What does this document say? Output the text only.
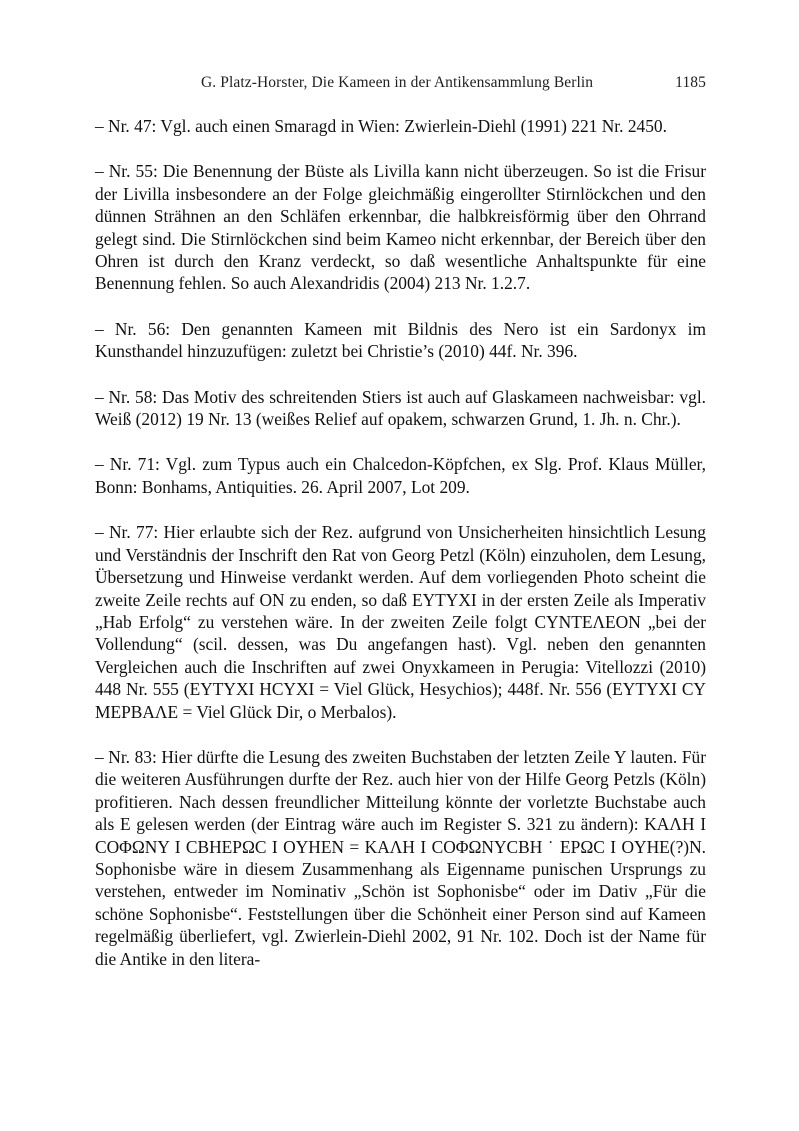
G. Platz-Horster, Die Kameen in der Antikensammlung Berlin	1185

– Nr. 47: Vgl. auch einen Smaragd in Wien: Zwierlein-Diehl (1991) 221 Nr. 2450.

– Nr. 55: Die Benennung der Büste als Livilla kann nicht überzeugen. So ist die Frisur der Livilla insbesondere an der Folge gleichmäßig eingerollter Stirnlöckchen und den dünnen Strähnen an den Schläfen erkennbar, die halbkreisförmig über den Ohrrand gelegt sind. Die Stirnlöckchen sind beim Kameo nicht erkennbar, der Bereich über den Ohren ist durch den Kranz verdeckt, so daß wesentliche Anhaltspunkte für eine Benennung fehlen. So auch Alexandridis (2004) 213 Nr. 1.2.7.

– Nr. 56: Den genannten Kameen mit Bildnis des Nero ist ein Sardonyx im Kunsthandel hinzuzufügen: zuletzt bei Christie’s (2010) 44f. Nr. 396.

– Nr. 58: Das Motiv des schreitenden Stiers ist auch auf Glaskameen nachweisbar: vgl. Weiß (2012) 19 Nr. 13 (weißes Relief auf opakem, schwarzen Grund, 1. Jh. n. Chr.).

– Nr. 71: Vgl. zum Typus auch ein Chalcedon-Köpfchen, ex Slg. Prof. Klaus Müller, Bonn: Bonhams, Antiquities. 26. April 2007, Lot 209.

– Nr. 77: Hier erlaubte sich der Rez. aufgrund von Unsicherheiten hinsichtlich Lesung und Verständnis der Inschrift den Rat von Georg Petzl (Köln) einzuholen, dem Lesung, Übersetzung und Hinweise verdankt werden. Auf dem vorliegenden Photo scheint die zweite Zeile rechts auf ON zu enden, so daß EYTYXI in der ersten Zeile als Imperativ „Hab Erfolg“ zu verstehen wäre. In der zweiten Zeile folgt CYNTEΛEON „bei der Vollendung“ (scil. dessen, was Du angefangen hast). Vgl. neben den genannten Vergleichen auch die Inschriften auf zwei Onyxkameen in Perugia: Vitellozzi (2010) 448 Nr. 555 (EYTYXI HCYXI = Viel Glück, Hesychios); 448f. Nr. 556 (EYTYXI CY MEPBAΛE = Viel Glück Dir, o Merbalos).

– Nr. 83: Hier dürfte die Lesung des zweiten Buchstaben der letzten Zeile Y lauten. Für die weiteren Ausführungen durfte der Rez. auch hier von der Hilfe Georg Petzls (Köln) profitieren. Nach dessen freundlicher Mitteilung könnte der vorletzte Buchstabe auch als E gelesen werden (der Eintrag wäre auch im Register S. 321 zu ändern): KAΛH Ι CΟΦΩNY Ι CBHEPΩC Ι OYHEN = KAΛH Ι CΟΦΩNYCBH ˙ EPΩC Ι OYHE(?)N. Sophonisbe wäre in diesem Zusammenhang als Eigenname punischen Ursprungs zu verstehen, entweder im Nominativ „Schön ist Sophonisbe“ oder im Dativ „Für die schöne Sophonisbe“. Feststellungen über die Schönheit einer Person sind auf Kameen regelmäßig überliefert, vgl. Zwierlein-Diehl 2002, 91 Nr. 102. Doch ist der Name für die Antike in den litera-
